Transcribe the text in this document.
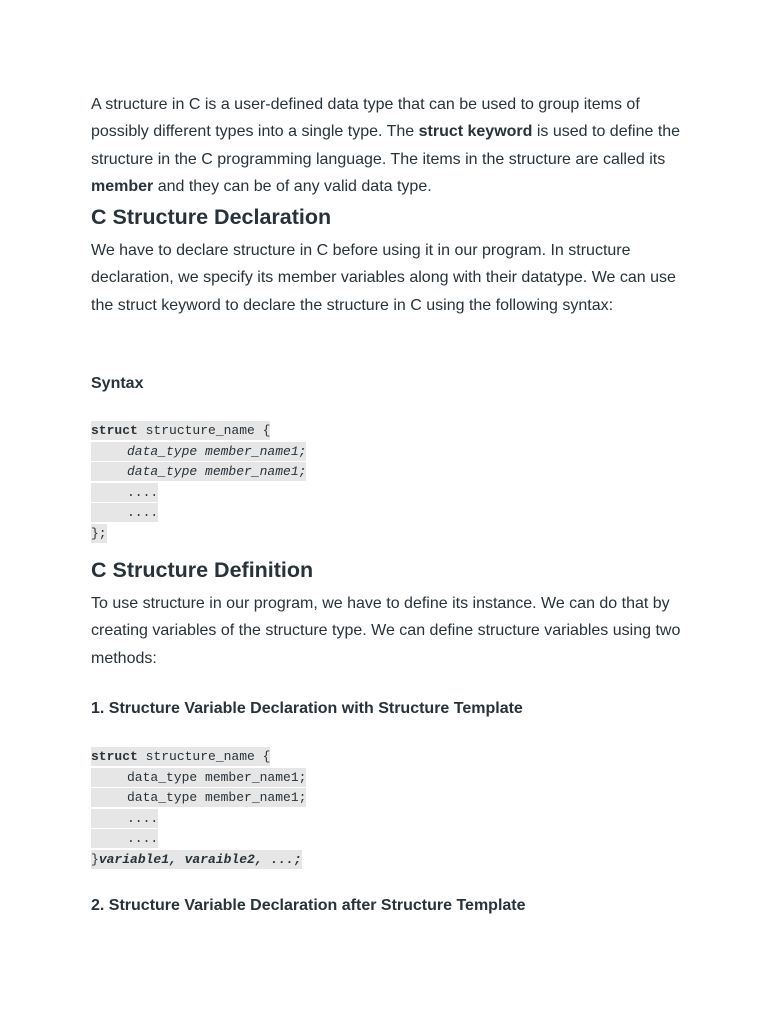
A structure in C is a user-defined data type that can be used to group items of possibly different types into a single type. The struct keyword is used to define the structure in the C programming language. The items in the structure are called its member and they can be of any valid data type.

C Structure Declaration

We have to declare structure in C before using it in our program. In structure declaration, we specify its member variables along with their datatype. We can use the struct keyword to declare the structure in C using the following syntax:

Syntax
struct structure_name {
data_type member_name1;
data_type member_name1;
....
....
};
C Structure Definition

To use structure in our program, we have to define its instance. We can do that by creating variables of the structure type. We can define structure variables using two methods:

1. Structure Variable Declaration with Structure Template
struct structure_name {
data_type member_name1;
data_type member_name1;
....
....
}variable1, varaible2, ...;
2. Structure Variable Declaration after Structure Template
